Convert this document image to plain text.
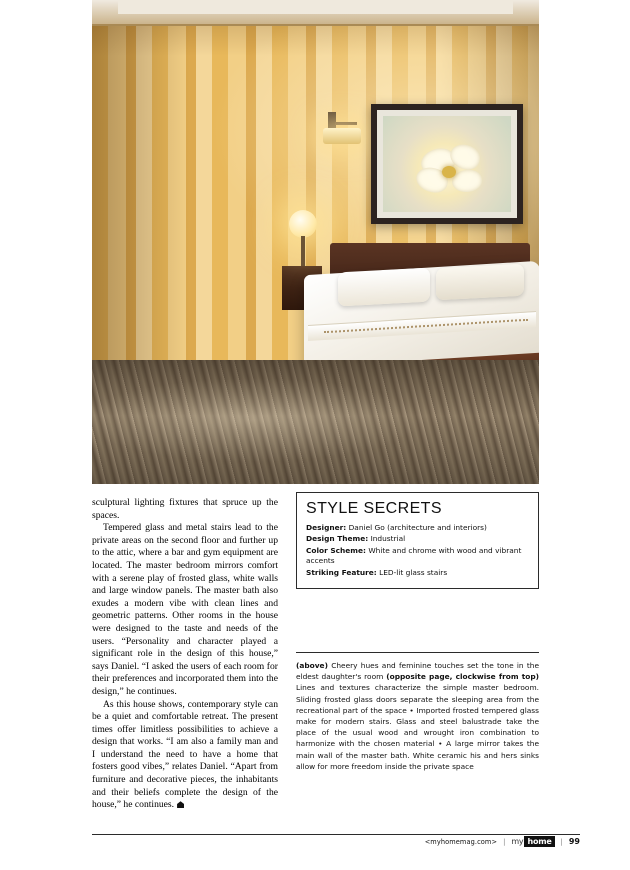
sculptural lighting fixtures that spruce up the spaces.

Tempered glass and metal stairs lead to the private areas on the second floor and further up to the attic, where a bar and gym equipment are located. The master bedroom mirrors comfort with a serene play of frosted glass, white walls and large window panels. The master bath also exudes a modern vibe with clean lines and geometric patterns. Other rooms in the house were designed to the taste and needs of the users. “Personality and character played a significant role in the design of this house,” says Daniel. “I asked the users of each room for their preferences and incorporated them into the design,” he continues.

As this house shows, contemporary style can be a quiet and comfortable retreat. The present times offer limitless possibilities to achieve a design that works. “I am also a family man and I understand the need to have a home that fosters good vibes,” relates Daniel. “Apart from furniture and decorative pieces, the inhabitants and their beliefs complete the design of the house,” he continues.

STYLE SECRETS
Designer: Daniel Go (architecture and interiors)
Design Theme: Industrial
Color Scheme: White and chrome with wood and vibrant accents
Striking Feature: LED-lit glass stairs
(above) Cheery hues and feminine touches set the tone in the eldest daughter's room (opposite page, clockwise from top) Lines and textures characterize the simple master bedroom. Sliding frosted glass doors separate the sleeping area from the recreational part of the space • Imported frosted tempered glass make for modern stairs. Glass and steel balustrade take the place of the usual wood and wrought iron combination to harmonize with the chosen material • A large mirror takes the main wall of the master bath. White ceramic his and hers sinks allow for more freedom inside the private space
<myhomemag.com> | my home	| 99
